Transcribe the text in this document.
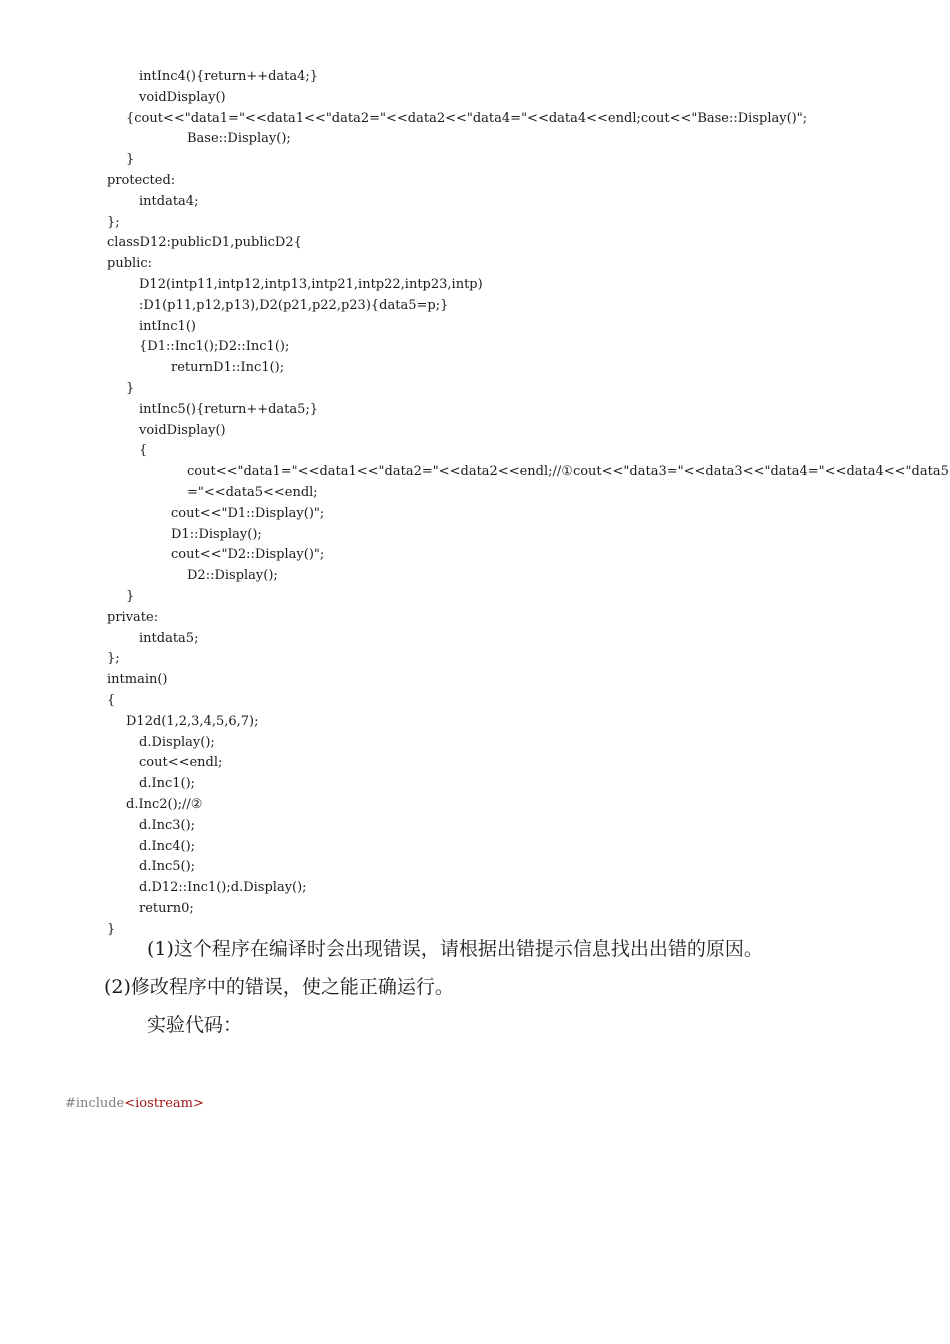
intInc4(){return++data4;}
voidDisplay()
{cout<<"data1="<<data1<<"data2="<<data2<<"data4="<<data4<<endl;cout<<"Base::Display()";
Base::Display();
}
protected:
intdata4;
};
classD12:publicD1,publicD2{
public:
D12(intp11,intp12,intp13,intp21,intp22,intp23,intp)
:D1(p11,p12,p13),D2(p21,p22,p23){data5=p;}
intInc1()
{D1::Inc1();D2::Inc1();
returnD1::Inc1();
}
intInc5(){return++data5;}
voidDisplay()
{
cout<<"data1="<<data1<<"data2="<<data2<<endl;//①cout<<"data3="<<data3<<"data4="<<data4<<"data5
="<<data5<<endl;
cout<<"D1::Display()";
D1::Display();
cout<<"D2::Display()";
D2::Display();
}
private:
intdata5;
};
intmain()
{
D12d(1,2,3,4,5,6,7);
d.Display();
cout<<endl;
d.Inc1();
d.Inc2();//②
d.Inc3();
d.Inc4();
d.Inc5();
d.D12::Inc1();d.Display();
return0;
}
(1)这个程序在编译时会出现错误，请根据出错提示信息找出出错的原因。
(2)修改程序中的错误，使之能正确运行。
实验代码：
#include<iostream>
